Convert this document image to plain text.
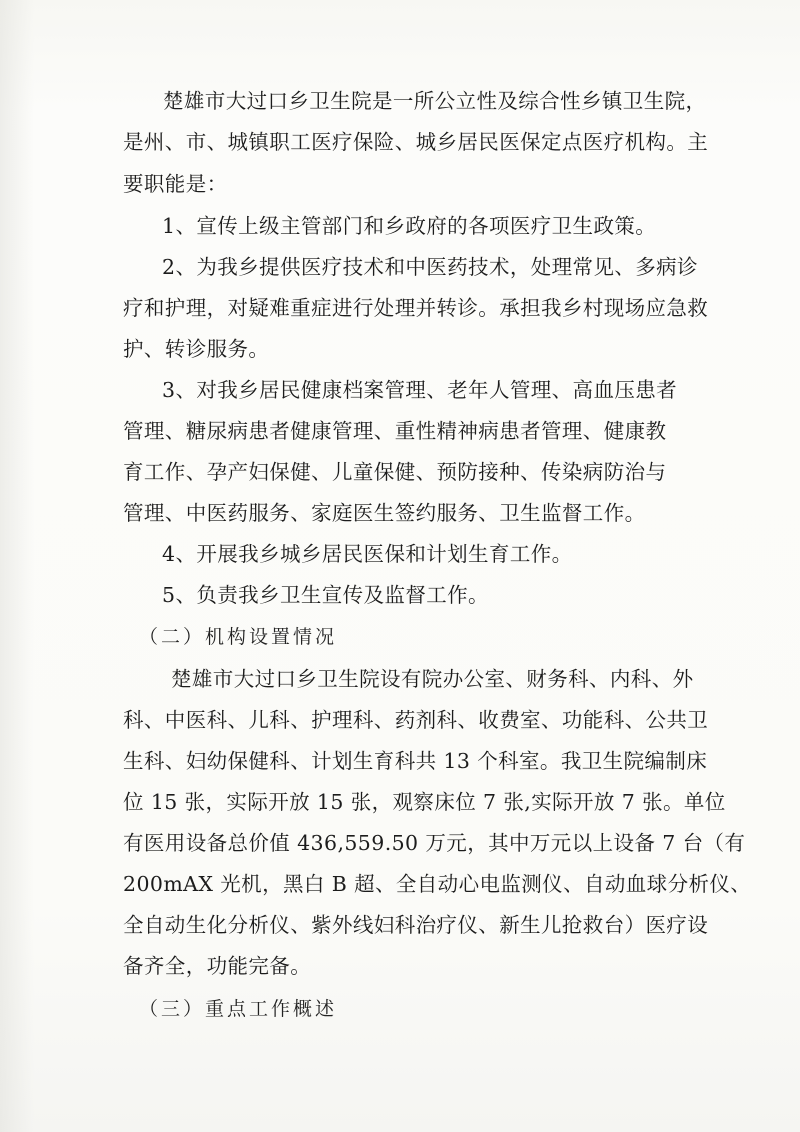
楚雄市大过口乡卫生院是一所公立性及综合性乡镇卫生院，

是州、市、城镇职工医疗保险、城乡居民医保定点医疗机构。主

要职能是：

1、宣传上级主管部门和乡政府的各项医疗卫生政策。

2、为我乡提供医疗技术和中医药技术，处理常见、多病诊

疗和护理，对疑难重症进行处理并转诊。承担我乡村现场应急救

护、转诊服务。

3、对我乡居民健康档案管理、老年人管理、高血压患者

管理、糖尿病患者健康管理、重性精神病患者管理、健康教

育工作、孕产妇保健、儿童保健、预防接种、传染病防治与

管理、中医药服务、家庭医生签约服务、卫生监督工作。

4、开展我乡城乡居民医保和计划生育工作。

5、负责我乡卫生宣传及监督工作。

（二）机构设置情况

楚雄市大过口乡卫生院设有院办公室、财务科、内科、外

科、中医科、儿科、护理科、药剂科、收费室、功能科、公共卫

生科、妇幼保健科、计划生育科共 13 个科室。我卫生院编制床

位 15 张，实际开放 15 张，观察床位 7 张,实际开放 7 张。单位

有医用设备总价值 436,559.50 万元，其中万元以上设备 7 台（有

200mAX 光机，黑白 B 超、全自动心电监测仪、自动血球分析仪、

全自动生化分析仪、紫外线妇科治疗仪、新生儿抢救台）医疗设

备齐全，功能完备。

（三）重点工作概述
